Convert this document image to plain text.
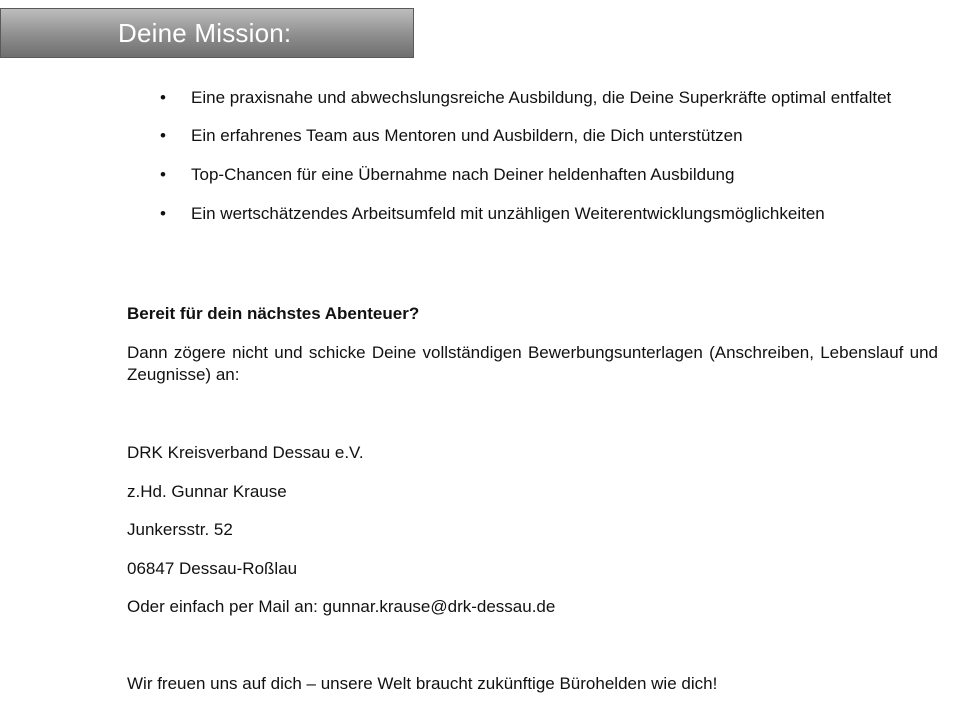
Deine Mission:
• Eine praxisnahe und abwechslungsreiche Ausbildung, die Deine Superkräfte optimal entfaltet
• Ein erfahrenes Team aus Mentoren und Ausbildern, die Dich unterstützen
• Top-Chancen für eine Übernahme nach Deiner heldenhaften Ausbildung
• Ein wertschätzendes Arbeitsumfeld mit unzähligen Weiterentwicklungsmöglichkeiten
Bereit für dein nächstes Abenteuer?
Dann zögere nicht und schicke Deine vollständigen Bewerbungsunterlagen (Anschreiben, Lebenslauf und Zeugnisse) an:
DRK Kreisverband Dessau e.V.
z.Hd. Gunnar Krause
Junkersstr. 52
06847 Dessau-Roßlau
Oder einfach per Mail an: gunnar.krause@drk-dessau.de
Wir freuen uns auf dich – unsere Welt braucht zukünftige Bürohelden wie dich!
